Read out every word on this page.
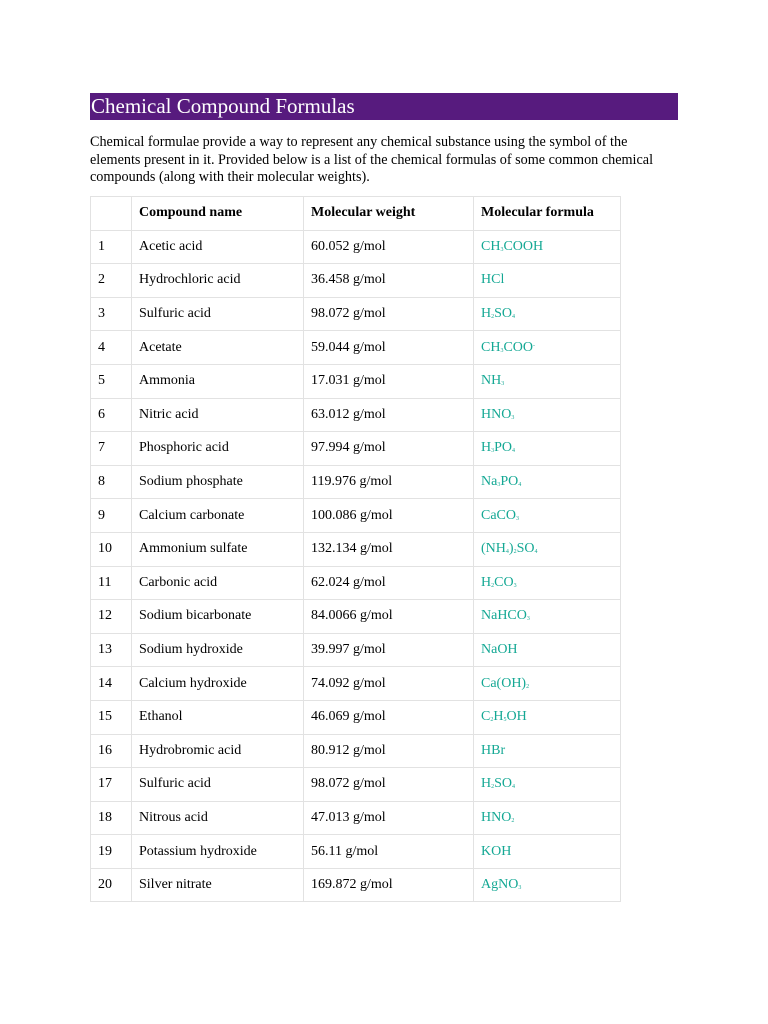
Chemical Compound Formulas

Chemical formulae provide a way to represent any chemical substance using the symbol of the elements present in it. Provided below is a list of the chemical formulas of some common chemical compounds (along with their molecular weights).

	Compound name	Molecular weight	Molecular formula
1	Acetic acid	60.052 g/mol	$CH_3COOH$
2	Hydrochloric acid	36.458 g/mol	HCl
3	Sulfuric acid	98.072 g/mol	$H_2SO_4$
4	Acetate	59.044 g/mol	$CH_3COO^-$
5	Ammonia	17.031 g/mol	$NH_3$
6	Nitric acid	63.012 g/mol	$HNO_3$
7	Phosphoric acid	97.994 g/mol	$H_3PO_4$
8	Sodium phosphate	119.976 g/mol	$Na_3PO_4$
9	Calcium carbonate	100.086 g/mol	CaCO$_3$
10	Ammonium sulfate	132.134 g/mol	$(NH_4)_2SO_4$
11	Carbonic acid	62.024 g/mol	$H_2CO_3$
12	Sodium bicarbonate	84.0066 g/mol	NaHCO$_3$
13	Sodium hydroxide	39.997 g/mol	NaOH
14	Calcium hydroxide	74.092 g/mol	$Ca(OH)_2$
15	Ethanol	46.069 g/mol	$C_2H_5OH$
16	Hydrobromic acid	80.912 g/mol	HBr
17	Sulfuric acid	98.072 g/mol	$H_2SO_4$
18	Nitrous acid	47.013 g/mol	$HNO_2$
19	Potassium hydroxide	56.11 g/mol	KOH
20	Silver nitrate	169.872 g/mol	AgNO$_3$
